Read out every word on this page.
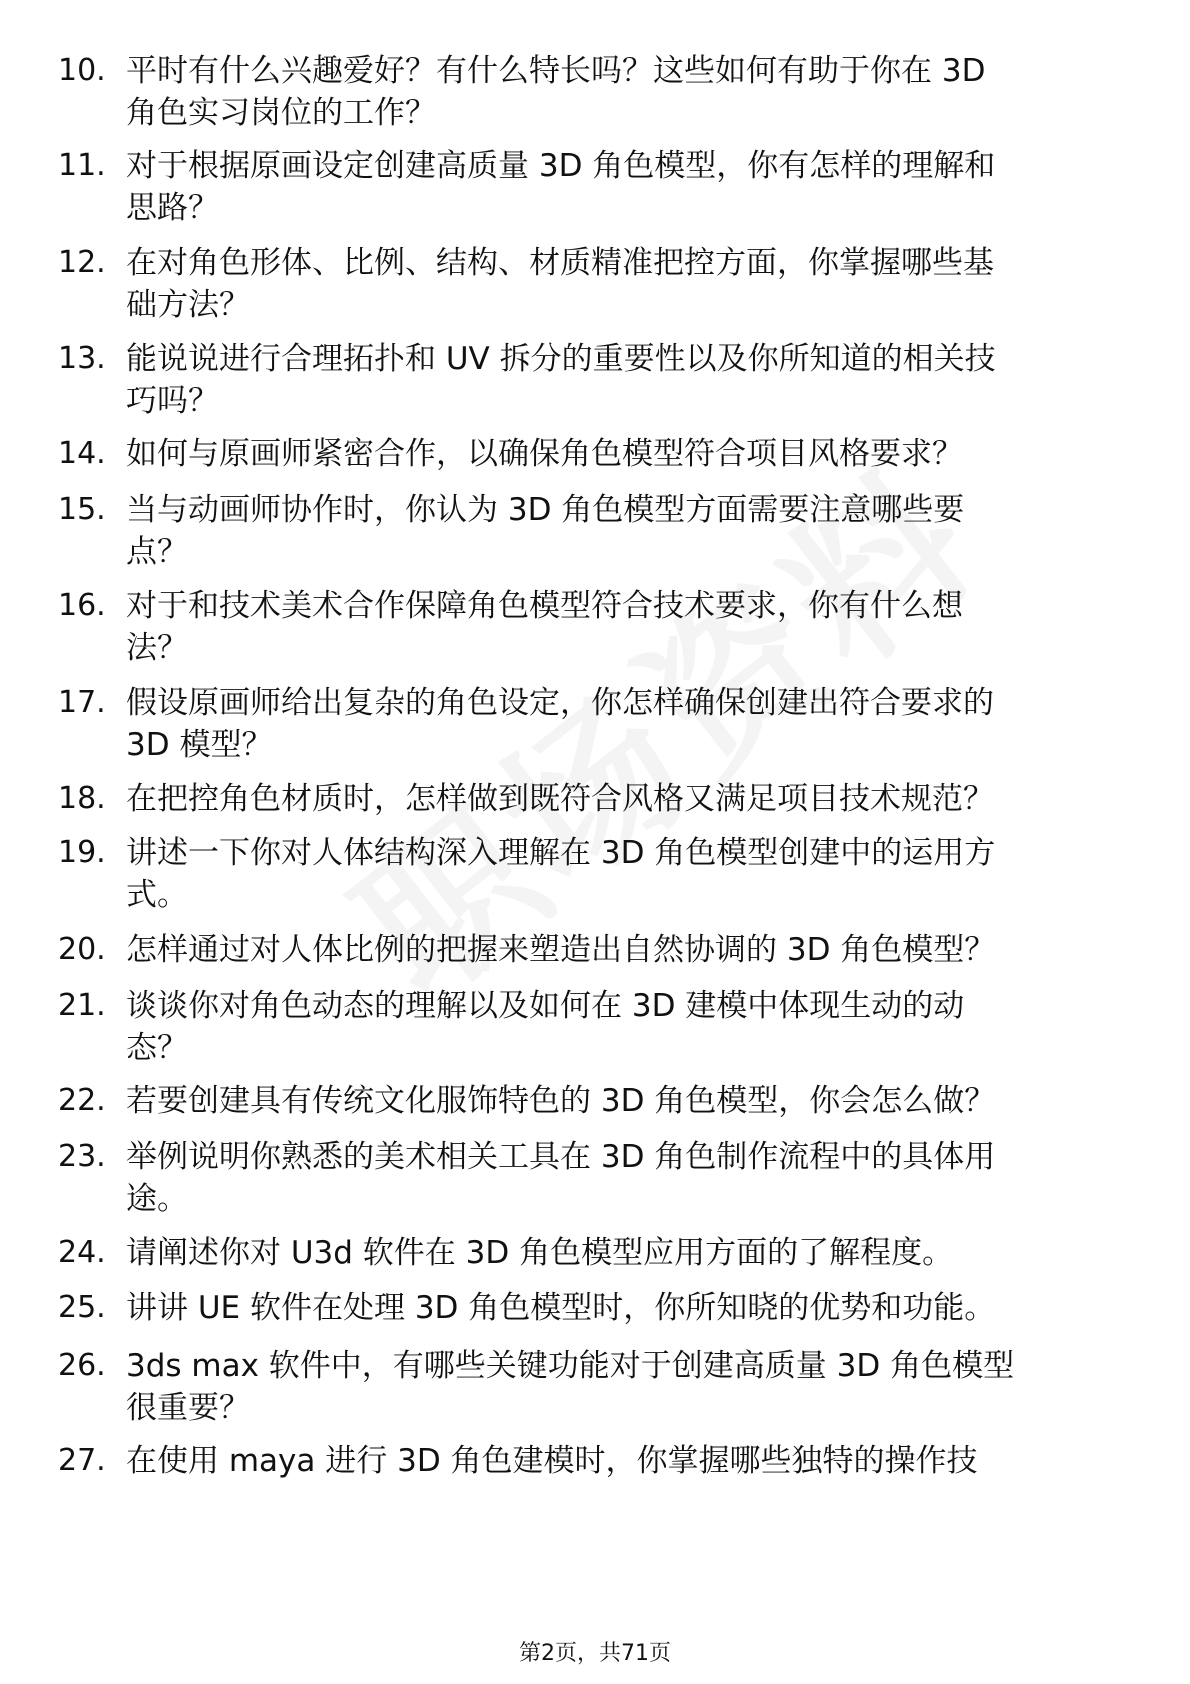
10. 平时有什么兴趣爱好？有什么特长吗？这些如何有助于你在 3D
角色实习岗位的工作？
11. 对于根据原画设定创建高质量 3D 角色模型，你有怎样的理解和
思路？
12. 在对角色形体、比例、结构、材质精准把控方面，你掌握哪些基
础方法？
13. 能说说进行合理拓扑和 UV 拆分的重要性以及你所知道的相关技
巧吗？
14. 如何与原画师紧密合作，以确保角色模型符合项目风格要求？
15. 当与动画师协作时，你认为 3D 角色模型方面需要注意哪些要
点？
16. 对于和技术美术合作保障角色模型符合技术要求，你有什么想
法？
17. 假设原画师给出复杂的角色设定，你怎样确保创建出符合要求的
3D 模型？
18. 在把控角色材质时，怎样做到既符合风格又满足项目技术规范？
19. 讲述一下你对人体结构深入理解在 3D 角色模型创建中的运用方
式。
20. 怎样通过对人体比例的把握来塑造出自然协调的 3D 角色模型？
21. 谈谈你对角色动态的理解以及如何在 3D 建模中体现生动的动
态？
22. 若要创建具有传统文化服饰特色的 3D 角色模型，你会怎么做？
23. 举例说明你熟悉的美术相关工具在 3D 角色制作流程中的具体用
途。
24. 请阐述你对 U3d 软件在 3D 角色模型应用方面的了解程度。
25. 讲讲 UE 软件在处理 3D 角色模型时，你所知晓的优势和功能。
26. 3ds max 软件中，有哪些关键功能对于创建高质量 3D 角色模型
很重要？
27. 在使用 maya 进行 3D 角色建模时，你掌握哪些独特的操作技
第2页，共71页
